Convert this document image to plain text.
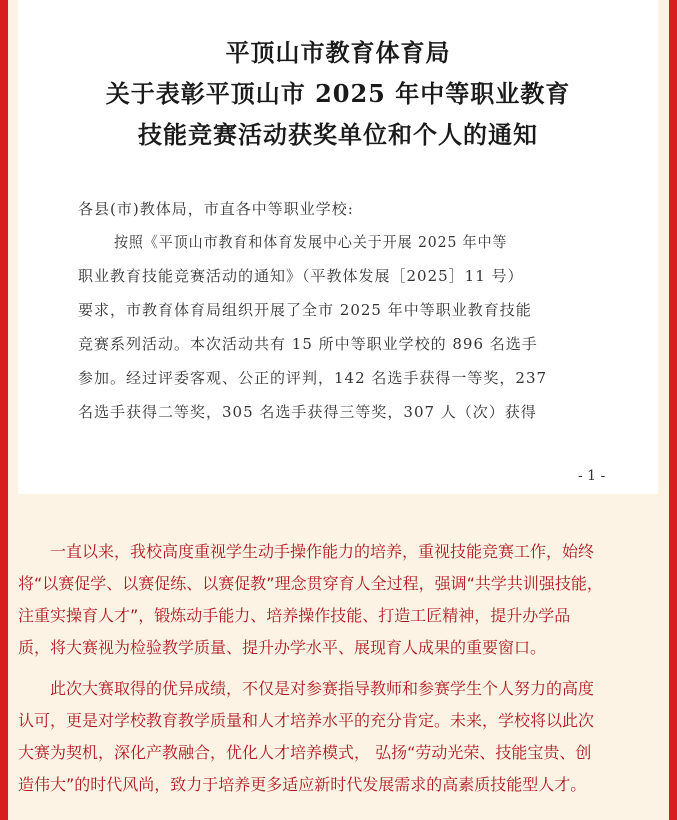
平顶山市教育体育局
关于表彰平顶山市 2025 年中等职业教育
技能竞赛活动获奖单位和个人的通知
各县(市)教体局，市直各中等职业学校:
按照《平顶山市教育和体育发展中心关于开展 2025 年中等
职业教育技能竞赛活动的通知》（平教体发展［2025］11 号）
要求，市教育体育局组织开展了全市 2025 年中等职业教育技能
竞赛系列活动。本次活动共有 15 所中等职业学校的 896 名选手
参加。经过评委客观、公正的评判，142 名选手获得一等奖，237
名选手获得二等奖，305 名选手获得三等奖，307 人（次）获得
- 1 -
　　一直以来，我校高度重视学生动手操作能力的培养，重视技能竞赛工作，始终
将“以赛促学、以赛促练、以赛促教”理念贯穿育人全过程，强调“共学共训强技能，
注重实操育人才”，锻炼动手能力、培养操作技能、打造工匠精神，提升办学品
质，将大赛视为检验教学质量、提升办学水平、展现育人成果的重要窗口。
　　此次大赛取得的优异成绩，不仅是对参赛指导教师和参赛学生个人努力的高度
认可，更是对学校教育教学质量和人才培养水平的充分肯定。未来，学校将以此次
大赛为契机，深化产教融合，优化人才培养模式， 弘扬“劳动光荣、技能宝贵、创
造伟大”的时代风尚，致力于培养更多适应新时代发展需求的高素质技能型人才。
